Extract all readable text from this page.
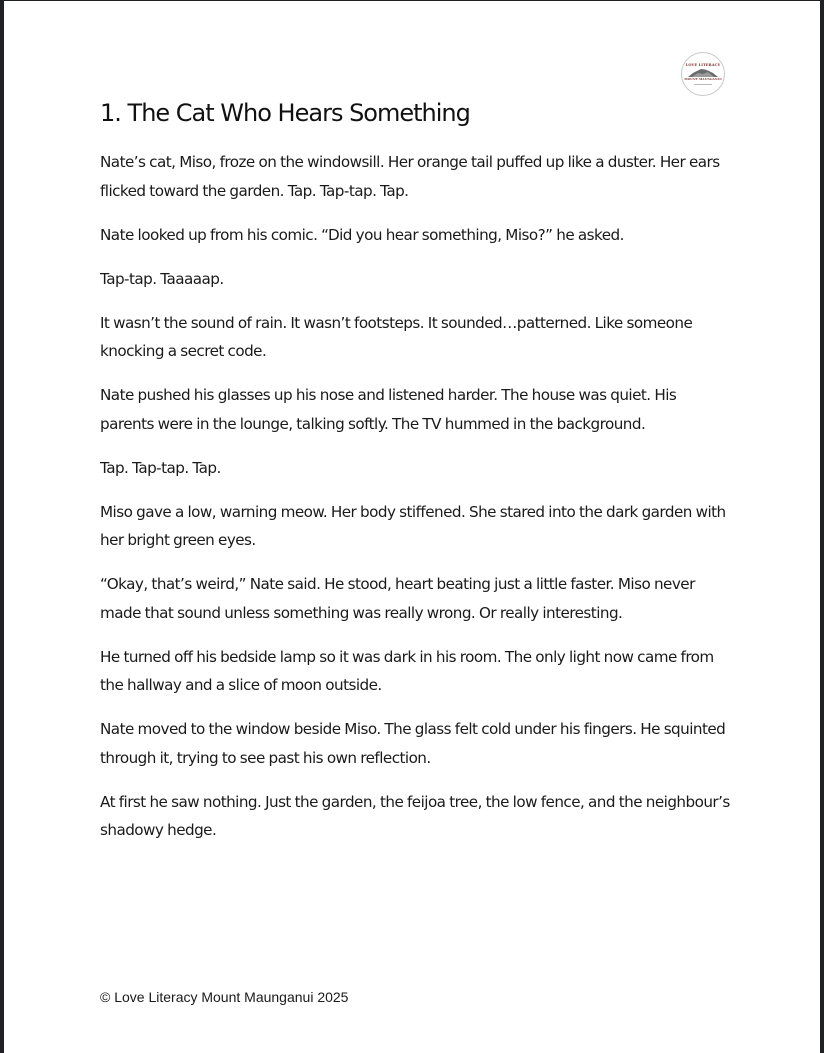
LOVE LITERACY
MOUNT MAUNGANUI
1. The Cat Who Hears Something

Nate’s cat, Miso, froze on the windowsill. Her orange tail puffed up like a duster. Her ears flicked toward the garden. Tap. Tap-tap. Tap.

Nate looked up from his comic. “Did you hear something, Miso?” he asked.

Tap-tap. Taaaaap.

It wasn’t the sound of rain. It wasn’t footsteps. It sounded…patterned. Like someone knocking a secret code.

Nate pushed his glasses up his nose and listened harder. The house was quiet. His parents were in the lounge, talking softly. The TV hummed in the background.

Tap. Tap-tap. Tap.

Miso gave a low, warning meow. Her body stiffened. She stared into the dark garden with her bright green eyes.

“Okay, that’s weird,” Nate said. He stood, heart beating just a little faster. Miso never made that sound unless something was really wrong. Or really interesting.

He turned off his bedside lamp so it was dark in his room. The only light now came from the hallway and a slice of moon outside.

Nate moved to the window beside Miso. The glass felt cold under his fingers. He squinted through it, trying to see past his own reflection.

At first he saw nothing. Just the garden, the feijoa tree, the low fence, and the neighbour’s shadowy hedge.

© Love Literacy Mount Maunganui 2025
